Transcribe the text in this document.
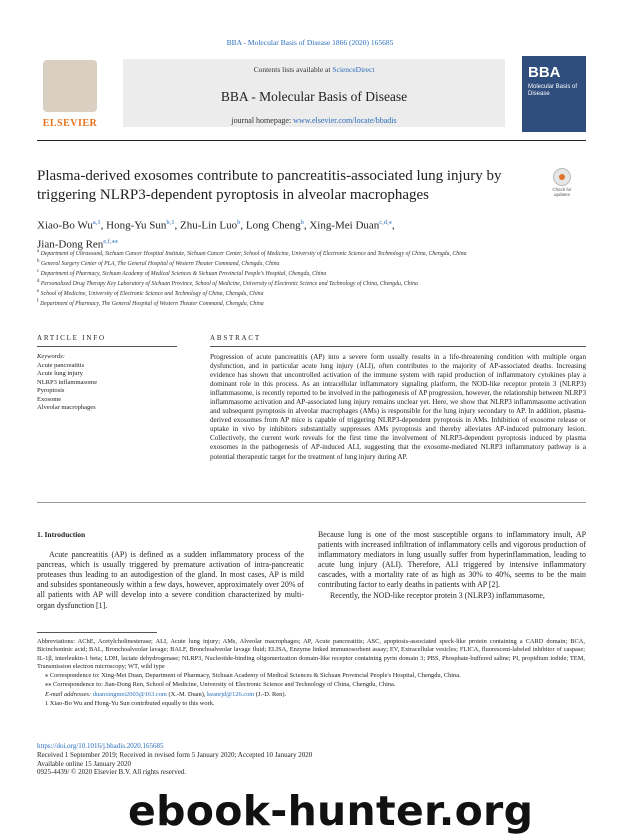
BBA - Molecular Basis of Disease 1866 (2020) 165685
ELSEVIER
Contents lists available at ScienceDirect
BBA - Molecular Basis of Disease
journal homepage: www.elsevier.com/locate/bbadis
BBA
Molecular Basis of Disease
Plasma-derived exosomes contribute to pancreatitis-associated lung injury by triggering NLRP3-dependent pyroptosis in alveolar macrophages	Check for updates
Xiao-Bo Wu$^{a,1}$, Hong-Yu Sun$^{b,1}$, Zhu-Lin Luo$^b$, Long Cheng$^b$, Xing-Mei Duan$^{c,d,⁎}$,
Jian-Dong Ren$^{e,f,⁎⁎}$
$^a$ Department of Ultrasound, Sichuan Cancer Hospital Institute, Sichuan Cancer Center, School of Medicine, University of Electronic Science and Technology of China, Chengdu, China
$^b$ General Surgery Center of PLA, The General Hospital of Western Theater Command, Chengdu, China
$^c$ Department of Pharmacy, Sichuan Academy of Medical Sciences & Sichuan Provincial People's Hospital, Chengdu, China
$^d$ Personalized Drug Therapy Key Laboratory of Sichuan Province, School of Medicine, University of Electronic Science and Technology of China, Chengdu, China
$^e$ School of Medicine, University of Electronic Science and Technology of China, Chengdu, China
$^f$ Department of Pharmacy, The General Hospital of Western Theater Command, Chengdu, China
ARTICLE INFO	ABSTRACT
Keywords:
Acute pancreatitis
Acute lung injury
NLRP3 inflammasome
Pyroptosis
Exosome
Alveolar macrophages
Progression of acute pancreatitis (AP) into a severe form usually results in a life-threatening condition with multiple organ dysfunction, and in particular acute lung injury (ALI), often contributes to the majority of AP-associated deaths. Increasing evidence has shown that uncontrolled activation of the immune system with rapid production of inflammatory cytokines play a dominant role in this process. As an intracellular inflammatory signaling platform, the NOD-like receptor protein 3 (NLRP3) inflammasome, is recently reported to be involved in the pathogenesis of AP progression, however, the relationship between NLRP3 inflammasome activation and AP-associated lung injury remains unclear yet. Here, we show that NLRP3 inflammasome activation and subsequent pyroptosis in alveolar macrophages (AMs) is responsible for the lung injury secondary to AP. In addition, plasma-derived exosomes from AP mice is capable of triggering NLRP3-dependent pyroptosis in AMs. Inhibition of exosome release or uptake in vivo by inhibitors substantially suppresses AMs pyroptosis and thereby alleviates AP-induced pulmonary lesion. Collectively, the current work reveals for the first time the involvement of NLRP3-dependent pyroptosis induced by plasma exosomes in the pathogenesis of AP-induced ALI, suggesting that the exosome-mediated NLRP3 inflammatory pathway is a potential therapeutic target for the treatment of lung injury during AP.
1. Introduction

Acute pancreatitis (AP) is defined as a sudden inflammatory process of the pancreas, which is usually triggered by premature activation of intra-pancreatic proteases thus leading to an autodigestion of the gland. In most cases, AP is mild and subsides spontaneously within a few days, however, approximately over 20% of all patients with AP will develop into a severe condition characterized by multi-organ dysfunction [1].

Because lung is one of the most susceptible organs to inflammatory insult, AP patients with increased infiltration of inflammatory cells and vigorous production of inflammatory mediators in lung usually suffer from hyperinflammation, leading to acute lung injury (ALI). Therefore, ALI triggered by intensive inflammatory cascades, with a mortality rate of as high as 30% to 40%, seems to be the main contributing factor to early deaths in patients with AP [2].

Recently, the NOD-like receptor protein 3 (NLRP3) inflammasome,

Abbreviations: AChE, Acetylcholinesterase; ALI, Acute lung injury; AMs, Alveolar macrophages; AP, Acute pancreatitis; ASC, apoptosis-associated speck-like protein containing a CARD domain; BCA, Bicinchoninic acid; BAL, Bronchoalveolar lavage; BALF, Bronchoalveolar lavage fluid; ELISA, Enzyme linked immunosorbent assay; EV, Extracellular vesicles; FLICA, fluorescent-labeled inhibitor of caspase; IL-1β, interleukin-1 beta; LDH, lactate dehydrogenase; NLRP3, Nucleotide-binding oligomerization domain-like receptor containing pyrin domain 3; PBS, Phosphate-buffered saline; PI, propidium iodide; TEM, Transmission electron microscopy; WT, wild type

⁎ Correspondence to: Xing-Mei Duan, Department of Pharmacy, Sichuan Academy of Medical Sciences & Sichuan Provincial People's Hospital, Chengdu, China.

⁎⁎ Correspondence to: Jian-Dong Ren, School of Medicine, University of Electronic Science and Technology of China, Chengdu, China.

E-mail addresses: duanxingmei2003@163.com (X.-M. Duan), keanrjd@126.com (J.-D. Ren).

1 Xiao-Bo Wu and Hong-Yu Sun contributed equally to this work.

https://doi.org/10.1016/j.bbadis.2020.165685
Received 1 September 2019; Received in revised form 5 January 2020; Accepted 10 January 2020
Available online 15 January 2020
0925-4439/ © 2020 Elsevier B.V. All rights reserved.
ebook-hunter.org
